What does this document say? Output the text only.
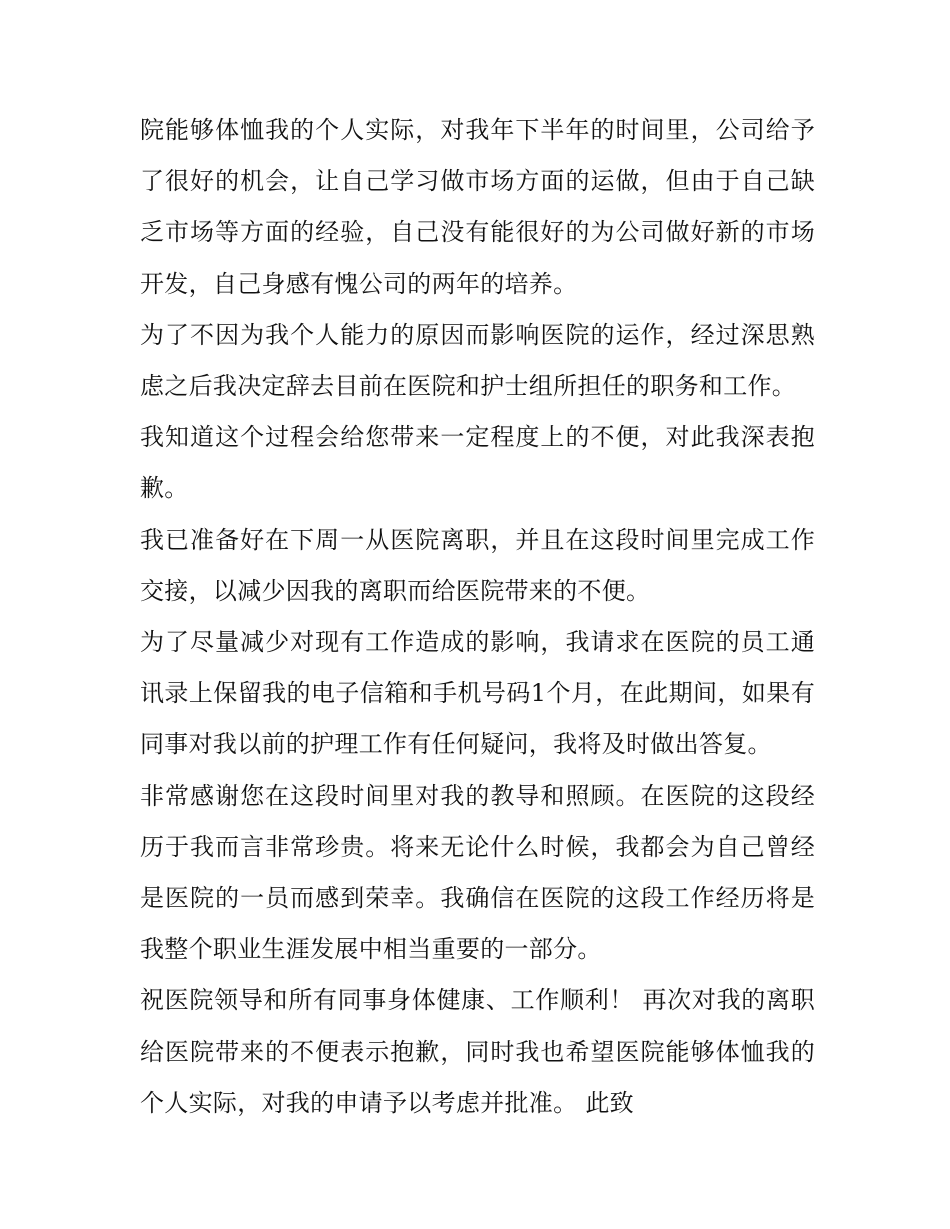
院能够体恤我的个人实际，对我年下半年的时间里，公司给予了很好的机会，让自己学习做市场方面的运做，但由于自己缺乏市场等方面的经验，自己没有能很好的为公司做好新的市场开发，自己身感有愧公司的两年的培养。

为了不因为我个人能力的原因而影响医院的运作，经过深思熟虑之后我决定辞去目前在医院和护士组所担任的职务和工作。

我知道这个过程会给您带来一定程度上的不便，对此我深表抱歉。

我已准备好在下周一从医院离职，并且在这段时间里完成工作交接，以减少因我的离职而给医院带来的不便。

为了尽量减少对现有工作造成的影响，我请求在医院的员工通讯录上保留我的电子信箱和手机号码1个月，在此期间，如果有同事对我以前的护理工作有任何疑问，我将及时做出答复。

非常感谢您在这段时间里对我的教导和照顾。在医院的这段经历于我而言非常珍贵。将来无论什么时候，我都会为自己曾经是医院的一员而感到荣幸。我确信在医院的这段工作经历将是我整个职业生涯发展中相当重要的一部分。

祝医院领导和所有同事身体健康、工作顺利！ 再次对我的离职给医院带来的不便表示抱歉，同时我也希望医院能够体恤我的个人实际，对我的申请予以考虑并批准。 此致
